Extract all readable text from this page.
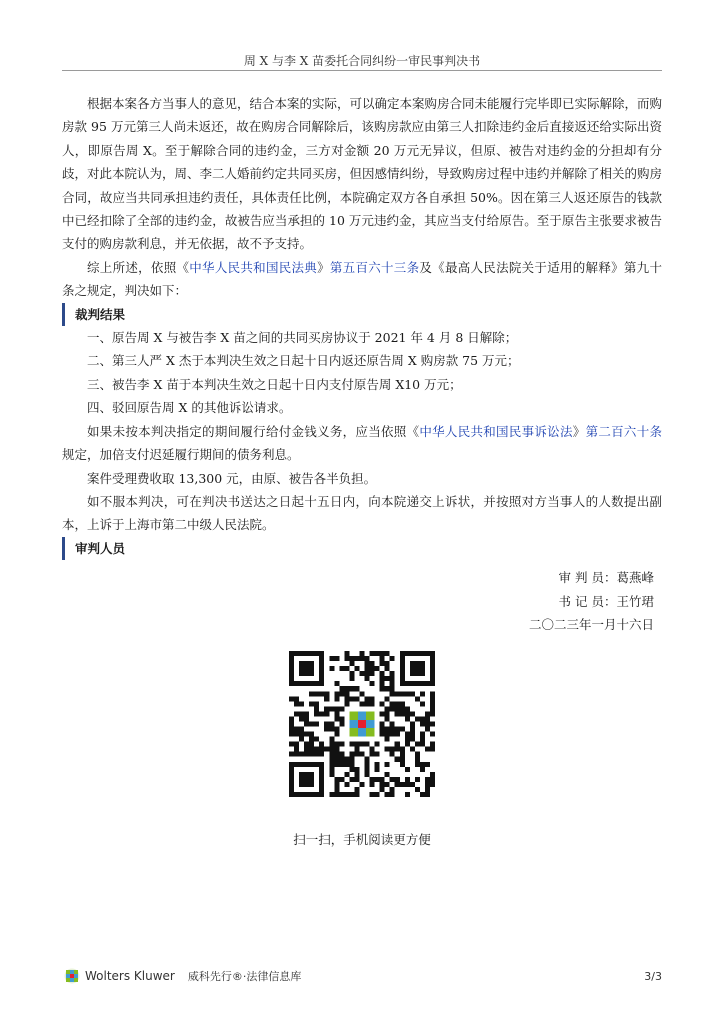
周 X 与李 X 苗委托合同纠纷一审民事判决书

根据本案各方当事人的意见，结合本案的实际，可以确定本案购房合同未能履行完毕即已实际解除，而购房款 95 万元第三人尚未返还，故在购房合同解除后，该购房款应由第三人扣除违约金后直接返还给实际出资人，即原告周 X。至于解除合同的违约金，三方对金额 20 万元无异议，但原、被告对违约金的分担却有分歧，对此本院认为，周、李二人婚前约定共同买房，但因感情纠纷，导致购房过程中违约并解除了相关的购房合同，故应当共同承担违约责任，具体责任比例，本院确定双方各自承担 50%。因在第三人返还原告的钱款中已经扣除了全部的违约金，故被告应当承担的 10 万元违约金，其应当支付给原告。至于原告主张要求被告支付的购房款利息，并无依据，故不予支持。

综上所述，依照《中华人民共和国民法典》第五百六十三条及《最高人民法院关于适用的解释》第九十条之规定，判决如下：

裁判结果

一、原告周 X 与被告李 X 苗之间的共同买房协议于 2021 年 4 月 8 日解除；

二、第三人严 X 杰于本判决生效之日起十日内返还原告周 X 购房款 75 万元；

三、被告李 X 苗于本判决生效之日起十日内支付原告周 X10 万元；

四、驳回原告周 X 的其他诉讼请求。

如果未按本判决指定的期间履行给付金钱义务，应当依照《中华人民共和国民事诉讼法》第二百六十条规定，加倍支付迟延履行期间的债务利息。

案件受理费收取 13,300 元，由原、被告各半负担。

如不服本判决，可在判决书送达之日起十五日内，向本院递交上诉状，并按照对方当事人的人数提出副本，上诉于上海市第二中级人民法院。

审判人员

审 判 员：葛燕峰

书 记 员：王竹珺

二〇二三年一月十六日

扫一扫，手机阅读更方便
Wolters Kluwer 威科先行®·法律信息库	3/3
